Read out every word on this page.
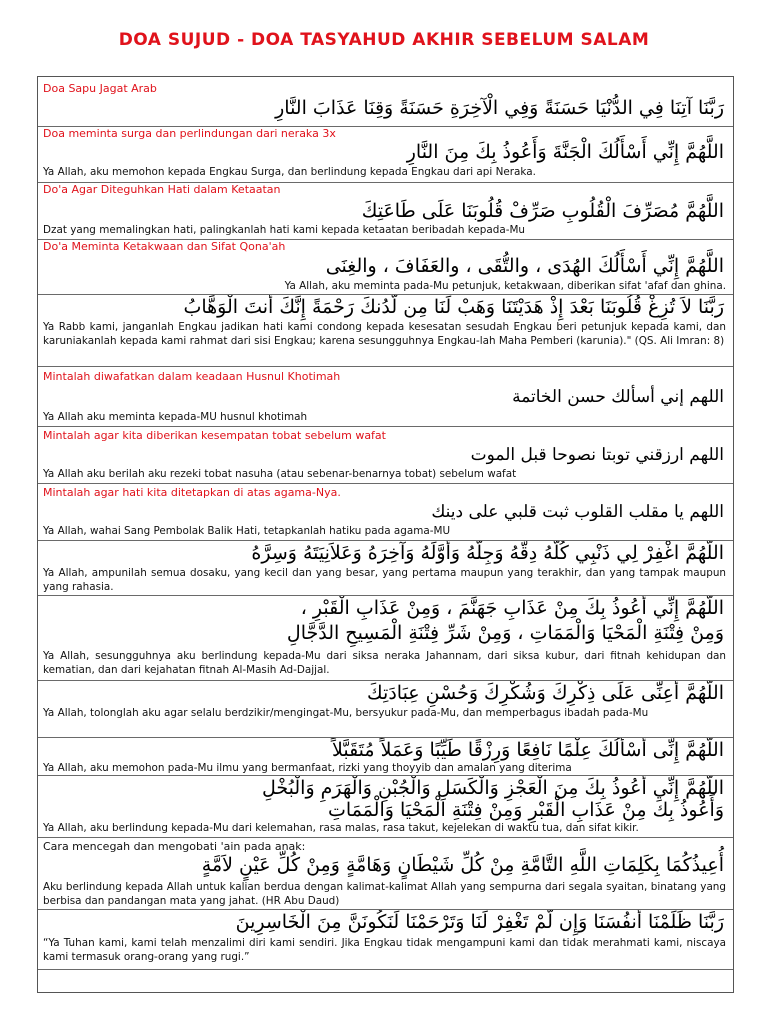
DOA SUJUD - DOA TASYAHUD AKHIR SEBELUM SALAM
Doa Sapu Jagat Arab
رَبَّنَا آتِنَا فِي الدُّنْيَا حَسَنَةً وَفِي الْآخِرَةِ حَسَنَةً وَقِنَا عَذَابَ النَّارِ
Doa meminta surga dan perlindungan dari neraka 3x
اللَّهُمَّ إِنِّي أَسْأَلُكَ الْجَنَّةَ وَأَعُوذُ بِكَ مِنَ النَّارِ
Ya Allah, aku memohon kepada Engkau Surga, dan berlindung kepada Engkau dari api Neraka.
Do'a Agar Diteguhkan Hati dalam Ketaatan
اللَّهُمَّ مُصَرِّفَ الْقُلُوبِ صَرِّفْ قُلُوبَنَا عَلَى طَاعَتِكَ
Dzat yang memalingkan hati, palingkanlah hati kami kepada ketaatan beribadah kepada-Mu
Do'a Meminta Ketakwaan dan Sifat Qona'ah
اللَّهُمَّ إِنِّي أَسْأَلُكَ الهُدَى ، والتُّقَى ، والعَفَافَ ، والغِنَى
Ya Allah, aku meminta pada-Mu petunjuk, ketakwaan, diberikan sifat 'afaf dan ghina.
رَبَّنَا لاَ تُزِغْ قُلُوبَنَا بَعْدَ إِذْ هَدَيْتَنَا وَهَبْ لَنَا مِن لَّدُنكَ رَحْمَةً إِنَّكَ أَنتَ الْوَهَّابُ
Ya Rabb kami, janganlah Engkau jadikan hati kami condong kepada kesesatan sesudah Engkau beri petunjuk kepada kami, dan karuniakanlah kepada kami rahmat dari sisi Engkau; karena sesungguhnya Engkau-lah Maha Pemberi (karunia)." (QS. Ali Imran: 8)
Mintalah diwafatkan dalam keadaan Husnul Khotimah
اللهم إني أسألك حسن الخاتمة
Ya Allah aku meminta kepada-MU husnul khotimah
Mintalah agar kita diberikan kesempatan tobat sebelum wafat
اللهم ارزقني توبتا نصوحا قبل الموت
Ya Allah aku berilah aku rezeki tobat nasuha (atau sebenar-benarnya tobat) sebelum wafat
Mintalah agar hati kita ditetapkan di atas agama-Nya.
اللهم يا مقلب القلوب ثبت قلبي على دينك
Ya Allah, wahai Sang Pembolak Balik Hati, tetapkanlah hatiku pada agama-MU
اللَّهُمَّ اغْفِرْ لِي ذَنْبِي كُلَّهُ دِقَّهُ وَجِلَّهُ وَأَوَّلَهُ وَآخِرَهُ وَعَلاَنِيَتَهُ وَسِرَّهُ
Ya Allah, ampunilah semua dosaku, yang kecil dan yang besar, yang pertama maupun yang terakhir, dan yang tampak maupun yang rahasia.
اللَّهُمَّ إِنِّي أَعُوذُ بِكَ مِنْ عَذَابِ جَهَنَّمَ ، وَمِنْ عَذَابِ الْقَبْرِ ،
وَمِنْ فِتْنَةِ الْمَحْيَا وَالْمَمَاتِ ، وَمِنْ شَرِّ فِتْنَةِ الْمَسِيحِ الدَّجَّالِ
Ya Allah, sesungguhnya aku berlindung kepada-Mu dari siksa neraka Jahannam, dari siksa kubur, dari fitnah kehidupan dan kematian, dan dari kejahatan fitnah Al-Masih Ad-Dajjal.
اللَّهُمَّ أَعِنِّى عَلَى ذِكْرِكَ وَشُكْرِكَ وَحُسْنِ عِبَادَتِكَ
Ya Allah, tolonglah aku agar selalu berdzikir/mengingat-Mu, bersyukur pada-Mu, dan memperbagus ibadah pada-Mu
اللَّهُمَّ إِنِّى أَسْأَلُكَ عِلْمًا نَافِعًا وَرِزْقًا طَيِّبًا وَعَمَلاً مُتَقَبَّلاً
Ya Allah, aku memohon pada-Mu ilmu yang bermanfaat, rizki yang thoyyib dan amalan yang diterima
اللَّهُمَّ إِنِّي أَعُوذُ بِكَ مِنَ الْعَجْزِ وَالْكَسَلِ وَالْجُبْنِ وَالْهَرَمِ وَالْبُخْلِ
وَأَعُوذُ بِكَ مِنْ عَذَابِ الْقَبْرِ وَمِنْ فِتْنَةِ الْمَحْيَا وَالْمَمَاتِ
Ya Allah, aku berlindung kepada-Mu dari kelemahan, rasa malas, rasa takut, kejelekan di waktu tua, dan sifat kikir.
Cara mencegah dan mengobati 'ain pada anak:
أُعِيذُكُمَا بِكَلِمَاتِ اللَّهِ التَّامَّةِ مِنْ كُلِّ شَيْطَانٍ وَهَامَّةٍ وَمِنْ كُلِّ عَيْنٍ لاَمَّةٍ
Aku berlindung kepada Allah untuk kalian berdua dengan kalimat-kalimat Allah yang sempurna dari segala syaitan, binatang yang berbisa dan pandangan mata yang jahat. (HR Abu Daud)
رَبَّنَا ظَلَمْنَا أَنفُسَنَا وَإِن لَّمْ تَغْفِرْ لَنَا وَتَرْحَمْنَا لَنَكُونَنَّ مِنَ الْخَاسِرِينَ
“Ya Tuhan kami, kami telah menzalimi diri kami sendiri. Jika Engkau tidak mengampuni kami dan tidak merahmati kami, niscaya kami termasuk orang-orang yang rugi.”
